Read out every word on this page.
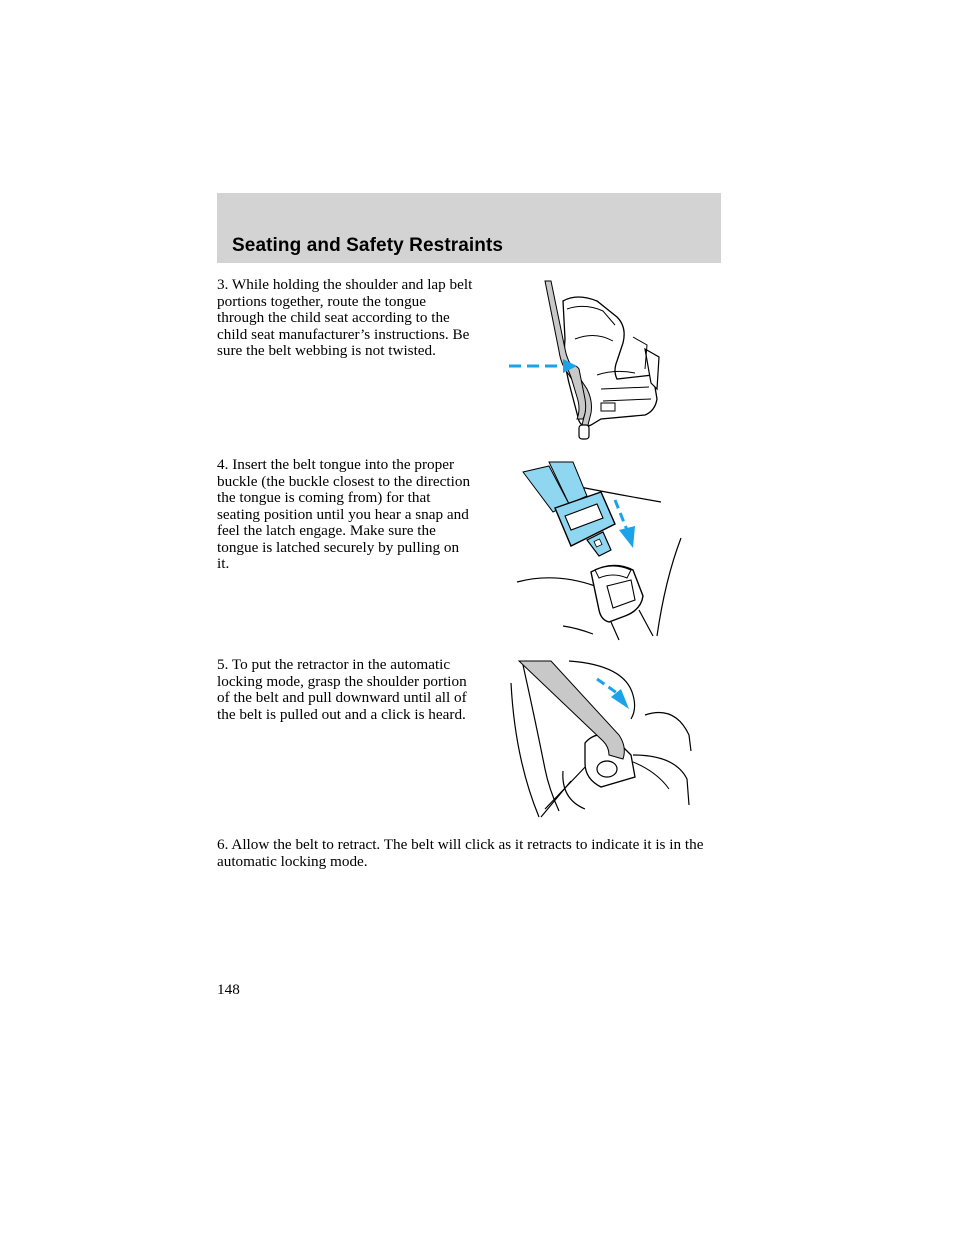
Seating and Safety Restraints
3. While holding the shoulder and lap belt portions together, route the tongue through the child seat according to the child seat manufacturer’s instructions. Be sure the belt webbing is not twisted.
4. Insert the belt tongue into the proper buckle (the buckle closest to the direction the tongue is coming from) for that seating position until you hear a snap and feel the latch engage. Make sure the tongue is latched securely by pulling on it.
5. To put the retractor in the automatic locking mode, grasp the shoulder portion of the belt and pull downward until all of the belt is pulled out and a click is heard.
6. Allow the belt to retract. The belt will click as it retracts to indicate it is in the automatic locking mode.
148
